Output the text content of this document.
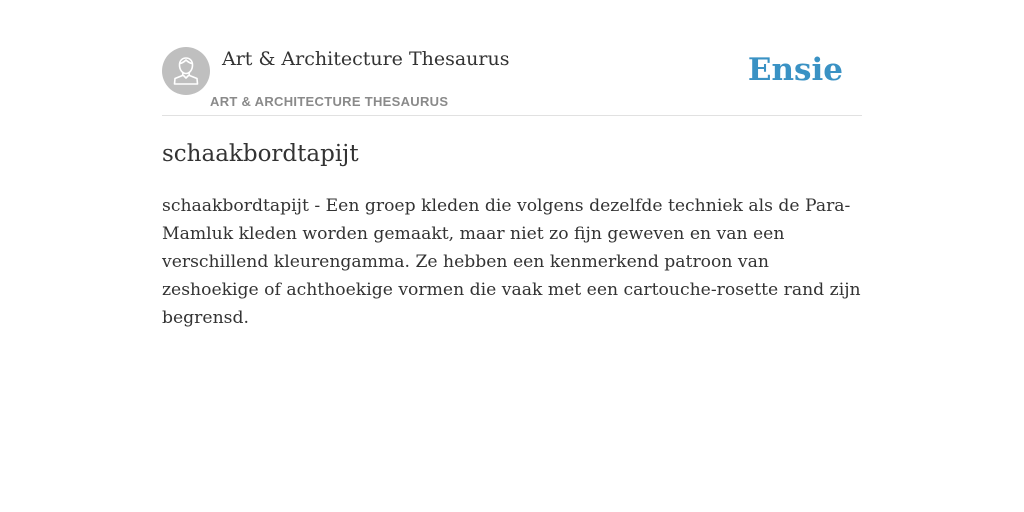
Art & Architecture Thesaurus
ART & ARCHITECTURE THESAURUS
Ensie
schaakbordtapijt

schaakbordtapijt - Een groep kleden die volgens dezelfde techniek als de Para-Mamluk kleden worden gemaakt, maar niet zo fijn geweven en van een verschillend kleurengamma. Ze hebben een kenmerkend patroon van zeshoekige of achthoekige vormen die vaak met een cartouche-rosette rand zijn begrensd.
